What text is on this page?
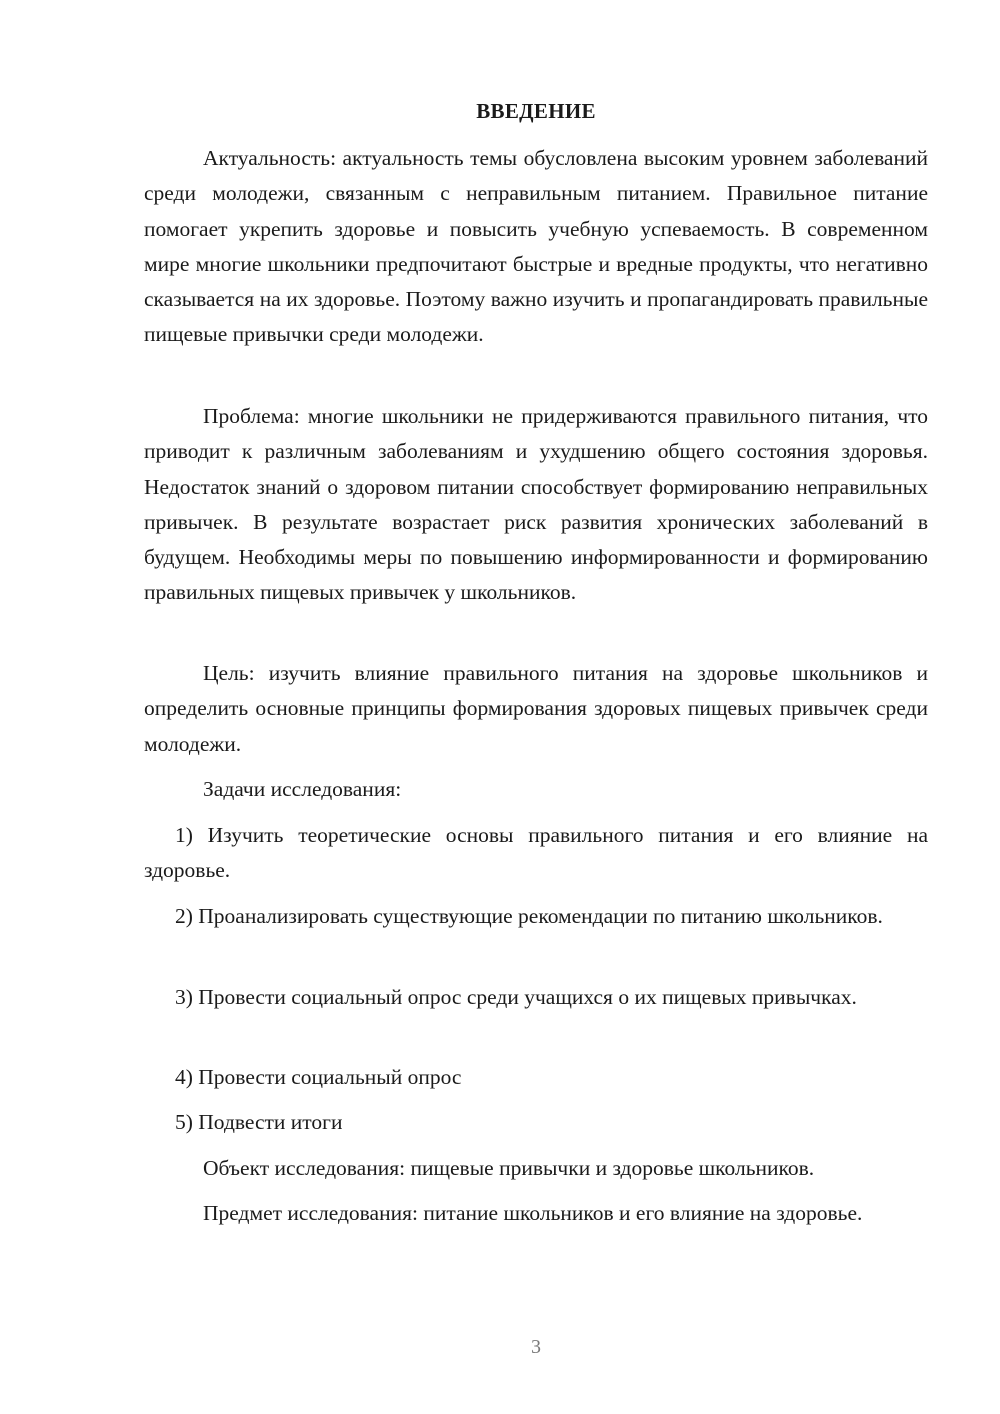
ВВЕДЕНИЕ

Актуальность: актуальность темы обусловлена высоким уровнем заболеваний среди молодежи, связанным с неправильным питанием. Правильное питание помогает укрепить здоровье и повысить учебную успеваемость. В современном мире многие школьники предпочитают быстрые и вредные продукты, что негативно сказывается на их здоровье. Поэтому важно изучить и пропагандировать правильные пищевые привычки среди молодежи.

Проблема: многие школьники не придерживаются правильного питания, что приводит к различным заболеваниям и ухудшению общего состояния здоровья. Недостаток знаний о здоровом питании способствует формированию неправильных привычек. В результате возрастает риск развития хронических заболеваний в будущем. Необходимы меры по повышению информированности и формированию правильных пищевых привычек у школьников.

Цель: изучить влияние правильного питания на здоровье школьников и определить основные принципы формирования здоровых пищевых привычек среди молодежи.

Задачи исследования:

1) Изучить теоретические основы правильного питания и его влияние на здоровье.

2) Проанализировать существующие рекомендации по питанию школьников.

3) Провести социальный опрос среди учащихся о их пищевых привычках.

4) Провести социальный опрос

5) Подвести итоги

Объект исследования: пищевые привычки и здоровье школьников.

Предмет исследования: питание школьников и его влияние на здоровье.

3
